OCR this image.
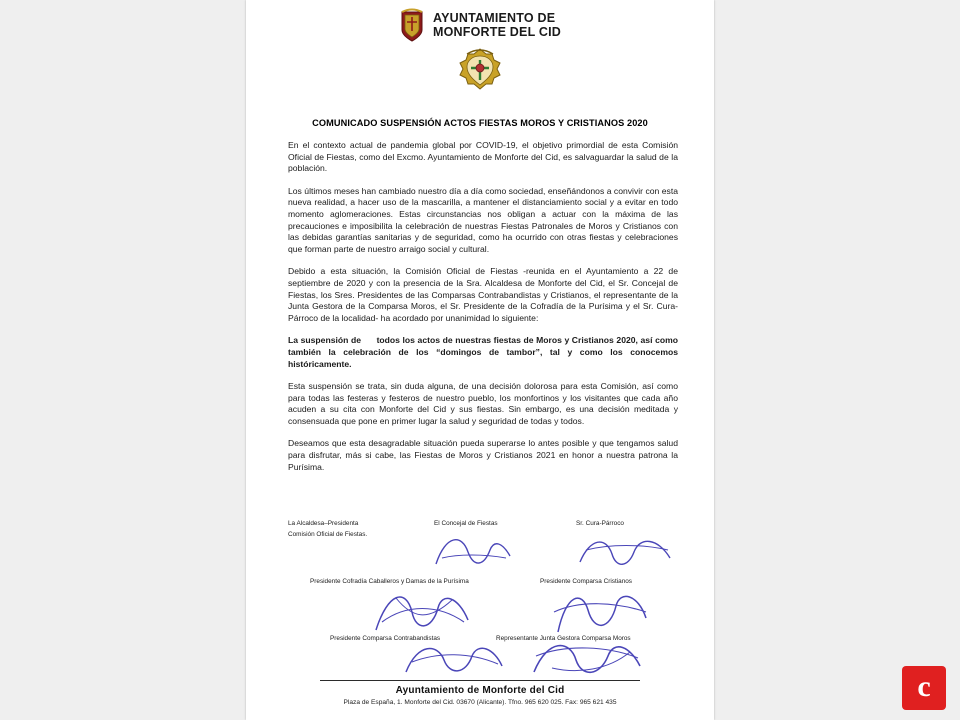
AYUNTAMIENTO DE
MONFORTE DEL CID
COMUNICADO SUSPENSIÓN ACTOS FIESTAS MOROS Y CRISTIANOS 2020

En el contexto actual de pandemia global por COVID-19, el objetivo primordial de esta Comisión Oficial de Fiestas, como del Excmo. Ayuntamiento de Monforte del Cid, es salvaguardar la salud de la población.

Los últimos meses han cambiado nuestro día a día como sociedad, enseñándonos a convivir con esta nueva realidad, a hacer uso de la mascarilla, a mantener el distanciamiento social y a evitar en todo momento aglomeraciones. Estas circunstancias nos obligan a actuar con la máxima de las precauciones e imposibilita la celebración de nuestras Fiestas Patronales de Moros y Cristianos con las debidas garantías sanitarias y de seguridad, como ha ocurrido con otras fiestas y celebraciones que forman parte de nuestro arraigo social y cultural.

Debido a esta situación, la Comisión Oficial de Fiestas -reunida en el Ayuntamiento a 22 de septiembre de 2020 y con la presencia de la Sra. Alcaldesa de Monforte del Cid, el Sr. Concejal de Fiestas, los Sres. Presidentes de las Comparsas Contrabandistas y Cristianos, el representante de la Junta Gestora de la Comparsa Moros, el Sr. Presidente de la Cofradía de la Purísima y el Sr. Cura-Párroco de la localidad- ha acordado por unanimidad lo siguiente:

La suspensión de todos los actos de nuestras fiestas de Moros y Cristianos 2020, así como también la celebración de los “domingos de tambor”, tal y como los conocemos históricamente.

Esta suspensión se trata, sin duda alguna, de una decisión dolorosa para esta Comisión, así como para todas las festeras y festeros de nuestro pueblo, los monfortinos y los visitantes que cada año acuden a su cita con Monforte del Cid y sus fiestas. Sin embargo, es una decisión meditada y consensuada que pone en primer lugar la salud y seguridad de todas y todos.

Deseamos que esta desagradable situación pueda superarse lo antes posible y que tengamos salud para disfrutar, más si cabe, las Fiestas de Moros y Cristianos 2021 en honor a nuestra patrona la Purísima.

La Alcaldesa–Presidenta
Comisión Oficial de Fiestas.
El Concejal de Fiestas	Sr. Cura-Párroco
Presidente Cofradía Caballeros y Damas de la Purísima	Presidente Comparsa Cristianos
Presidente Comparsa Contrabandistas	Representante Junta Gestora Comparsa Moros
Ayuntamiento de Monforte del Cid
Plaza de España, 1. Monforte del Cid. 03670 (Alicante). Tfno. 965 620 025. Fax: 965 621 435	c
